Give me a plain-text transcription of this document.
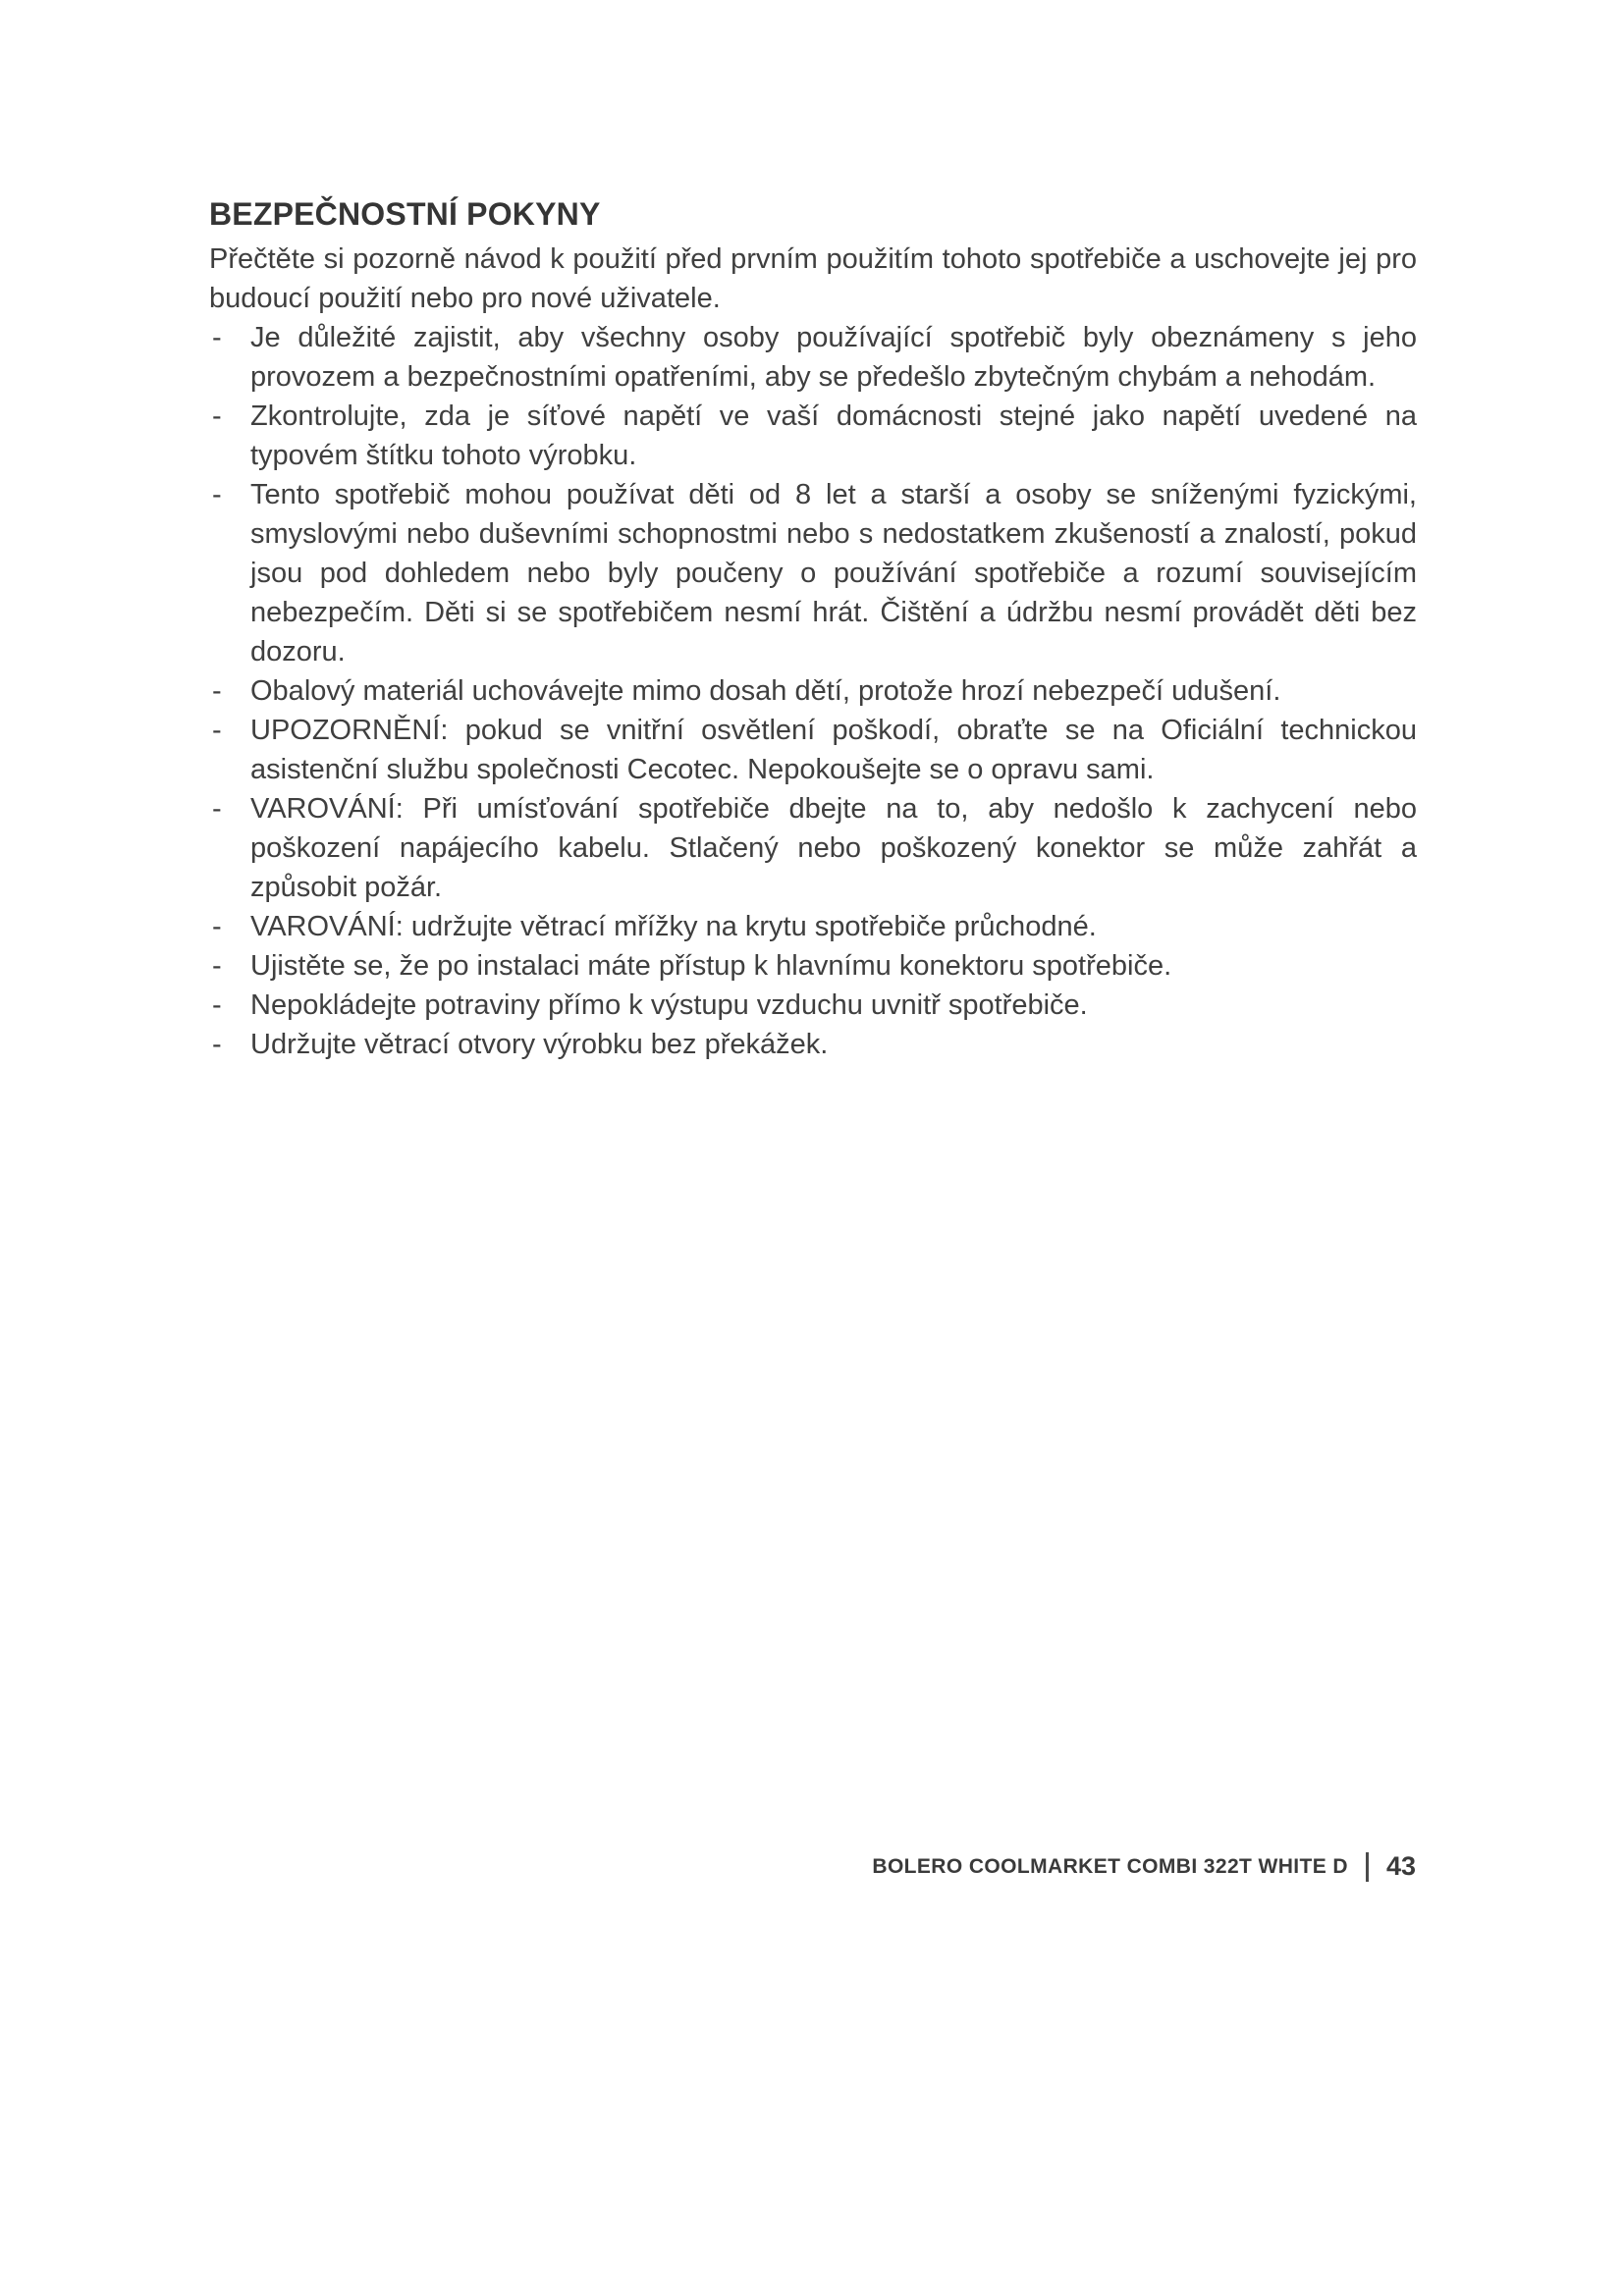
BEZPEČNOSTNÍ POKYNY

Přečtěte si pozorně návod k použití před prvním použitím tohoto spotřebiče a uschovejte jej pro budoucí použití nebo pro nové uživatele.

- Je důležité zajistit, aby všechny osoby používající spotřebič byly obeznámeny s jeho provozem a bezpečnostními opatřeními, aby se předešlo zbytečným chybám a nehodám.
- Zkontrolujte, zda je síťové napětí ve vaší domácnosti stejné jako napětí uvedené na typovém štítku tohoto výrobku.
- Tento spotřebič mohou používat děti od 8 let a starší a osoby se sníženými fyzickými, smyslovými nebo duševními schopnostmi nebo s nedostatkem zkušeností a znalostí, pokud jsou pod dohledem nebo byly poučeny o používání spotřebiče a rozumí souvisejícím nebezpečím. Děti si se spotřebičem nesmí hrát. Čištění a údržbu nesmí provádět děti bez dozoru.
- Obalový materiál uchovávejte mimo dosah dětí, protože hrozí nebezpečí udušení.
- UPOZORNĚNÍ: pokud se vnitřní osvětlení poškodí, obraťte se na Oficiální technickou asistenční službu společnosti Cecotec. Nepokoušejte se o opravu sami.
- VAROVÁNÍ: Při umísťování spotřebiče dbejte na to, aby nedošlo k zachycení nebo poškození napájecího kabelu. Stlačený nebo poškozený konektor se může zahřát a způsobit požár.
- VAROVÁNÍ: udržujte větrací mřížky na krytu spotřebiče průchodné.
- Ujistěte se, že po instalaci máte přístup k hlavnímu konektoru spotřebiče.
- Nepokládejte potraviny přímo k výstupu vzduchu uvnitř spotřebiče.
- Udržujte větrací otvory výrobku bez překážek.
BOLERO COOLMARKET COMBI 322T WHITE D 43
